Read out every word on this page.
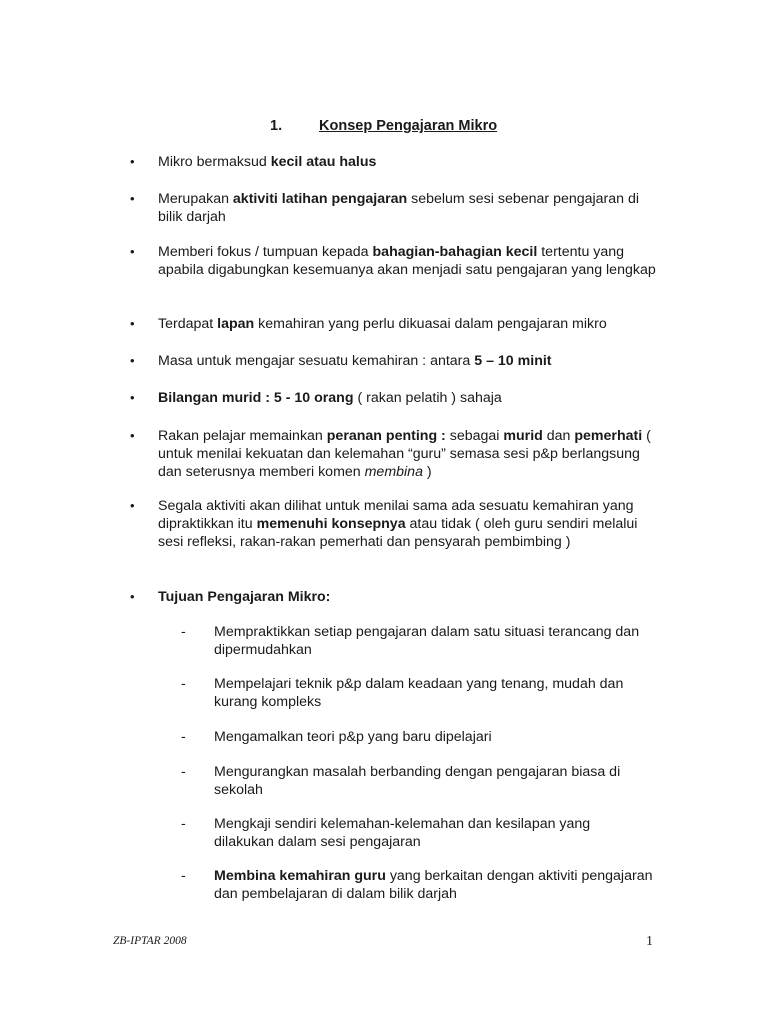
1.	Konsep Pengajaran Mikro
• Mikro bermaksud kecil atau halus
• Merupakan aktiviti latihan pengajaran sebelum sesi sebenar pengajaran di bilik darjah
• Memberi fokus / tumpuan kepada bahagian-bahagian kecil tertentu yang apabila digabungkan kesemuanya akan menjadi satu pengajaran yang lengkap
• Terdapat lapan kemahiran yang perlu dikuasai dalam pengajaran mikro
• Masa untuk mengajar sesuatu kemahiran : antara 5 – 10 minit
• Bilangan murid : 5 - 10 orang ( rakan pelatih ) sahaja
• Rakan pelajar memainkan peranan penting : sebagai murid dan pemerhati ( untuk menilai kekuatan dan kelemahan “guru” semasa sesi p&p berlangsung dan seterusnya memberi komen membina )
• Segala aktiviti akan dilihat untuk menilai sama ada sesuatu kemahiran yang dipraktikkan itu memenuhi konsepnya atau tidak ( oleh guru sendiri melalui sesi refleksi, rakan-rakan pemerhati dan pensyarah pembimbing )
• Tujuan Pengajaran Mikro:
- Mempraktikkan setiap pengajaran dalam satu situasi terancang dan dipermudahkan
- Mempelajari teknik p&p dalam keadaan yang tenang, mudah dan kurang kompleks
- Mengamalkan teori p&p yang baru dipelajari
- Mengurangkan masalah berbanding dengan pengajaran biasa di sekolah
- Mengkaji sendiri kelemahan-kelemahan dan kesilapan yang dilakukan dalam sesi pengajaran
- Membina kemahiran guru yang berkaitan dengan aktiviti pengajaran dan pembelajaran di dalam bilik darjah
ZB-IPTAR 2008	1
